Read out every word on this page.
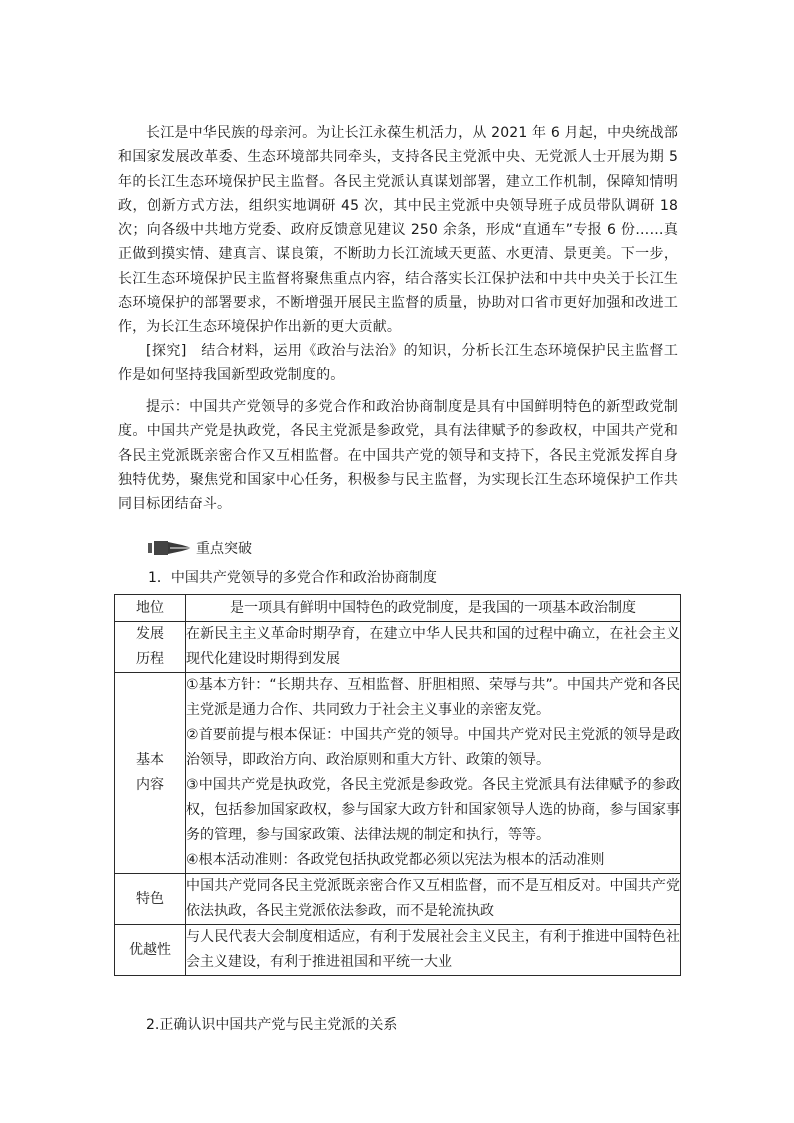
长江是中华民族的母亲河。为让长江永葆生机活力，从 2021 年 6 月起，中央统战部和国家发展改革委、生态环境部共同牵头，支持各民主党派中央、无党派人士开展为期 5 年的长江生态环境保护民主监督。各民主党派认真谋划部署，建立工作机制，保障知情明政，创新方式方法，组织实地调研 45 次，其中民主党派中央领导班子成员带队调研 18 次；向各级中共地方党委、政府反馈意见建议 250 余条，形成“直通车”专报 6 份……真正做到摸实情、建真言、谋良策，不断助力长江流域天更蓝、水更清、景更美。下一步，长江生态环境保护民主监督将聚焦重点内容，结合落实长江保护法和中共中央关于长江生态环境保护的部署要求，不断增强开展民主监督的质量，协助对口省市更好加强和改进工作，为长江生态环境保护作出新的更大贡献。

[探究]　结合材料，运用《政治与法治》的知识，分析长江生态环境保护民主监督工作是如何坚持我国新型政党制度的。

提示：中国共产党领导的多党合作和政治协商制度是具有中国鲜明特色的新型政党制度。中国共产党是执政党，各民主党派是参政党，具有法律赋予的参政权，中国共产党和各民主党派既亲密合作又互相监督。在中国共产党的领导和支持下，各民主党派发挥自身独特优势，聚焦党和国家中心任务，积极参与民主监督，为实现长江生态环境保护工作共同目标团结奋斗。

重点突破
1．中国共产党领导的多党合作和政治协商制度
地位	是一项具有鲜明中国特色的政党制度，是我国的一项基本政治制度

发展
历程	在新民主主义革命时期孕育，在建立中华人民共和国的过程中确立，在社会主义现代化建设时期得到发展

基本
内容	①基本方针：“长期共存、互相监督、肝胆相照、荣辱与共”。中国共产党和各民主党派是通力合作、共同致力于社会主义事业的亲密友党。
②首要前提与根本保证：中国共产党的领导。中国共产党对民主党派的领导是政治领导，即政治方向、政治原则和重大方针、政策的领导。
③中国共产党是执政党，各民主党派是参政党。各民主党派具有法律赋予的参政权，包括参加国家政权，参与国家大政方针和国家领导人选的协商，参与国家事务的管理，参与国家政策、法律法规的制定和执行，等等。
④根本活动准则：各政党包括执政党都必须以宪法为根本的活动准则

特色	中国共产党同各民主党派既亲密合作又互相监督，而不是互相反对。中国共产党依法执政，各民主党派依法参政，而不是轮流执政
优越性	与人民代表大会制度相适应，有利于发展社会主义民主，有利于推进中国特色社会主义建设，有利于推进祖国和平统一大业
2.正确认识中国共产党与民主党派的关系
